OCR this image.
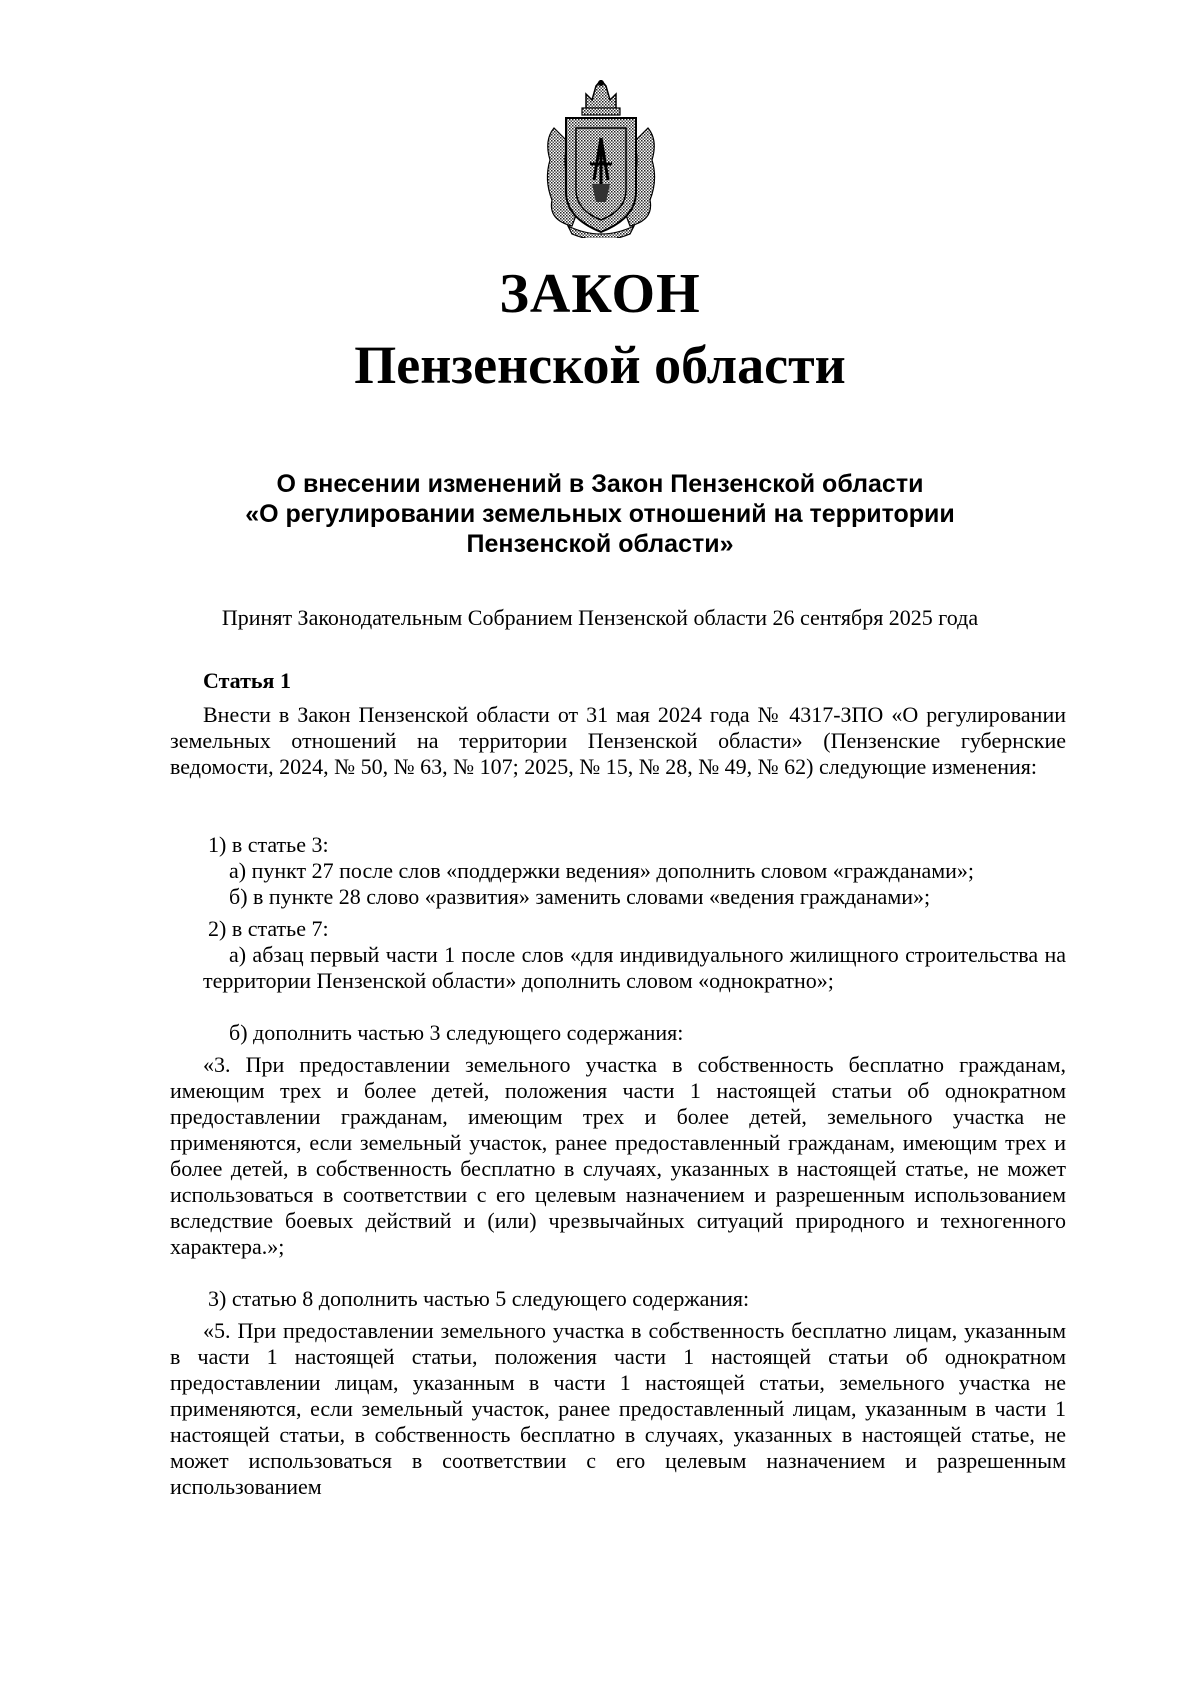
ЗАКОН
Пензенской области
О внесении изменений в Закон Пензенской области
«О регулировании земельных отношений на территории
Пензенской области»
Принят Законодательным Собранием Пензенской области 26 сентября 2025 года
Статья 1
Внести в Закон Пензенской области от 31 мая 2024 года № 4317-ЗПО «О регулировании земельных отношений на территории Пензенской области» (Пензенские губернские ведомости, 2024, № 50, № 63, № 107; 2025, № 15, № 28, № 49, № 62) следующие изменения:
1) в статье 3:
а) пункт 27 после слов «поддержки ведения» дополнить словом «гражданами»;
б) в пункте 28 слово «развития» заменить словами «ведения гражданами»;
2) в статье 7:
а) абзац первый части 1 после слов «для индивидуального жилищного строительства на территории Пензенской области» дополнить словом «однократно»;
б) дополнить частью 3 следующего содержания:
«3. При предоставлении земельного участка в собственность бесплатно гражданам, имеющим трех и более детей, положения части 1 настоящей статьи об однократном предоставлении гражданам, имеющим трех и более детей, земельного участка не применяются, если земельный участок, ранее предоставленный гражданам, имеющим трех и более детей, в собственность бесплатно в случаях, указанных в настоящей статье, не может использоваться в соответствии с его целевым назначением и разрешенным использованием вследствие боевых действий и (или) чрезвычайных ситуаций природного и техногенного характера.»;
3) статью 8 дополнить частью 5 следующего содержания:
«5. При предоставлении земельного участка в собственность бесплатно лицам, указанным в части 1 настоящей статьи, положения части 1 настоящей статьи об однократном предоставлении лицам, указанным в части 1 настоящей статьи, земельного участка не применяются, если земельный участок, ранее предоставленный лицам, указанным в части 1 настоящей статьи, в собственность бесплатно в случаях, указанных в настоящей статье, не может использоваться в соответствии с его целевым назначением и разрешенным использованием
